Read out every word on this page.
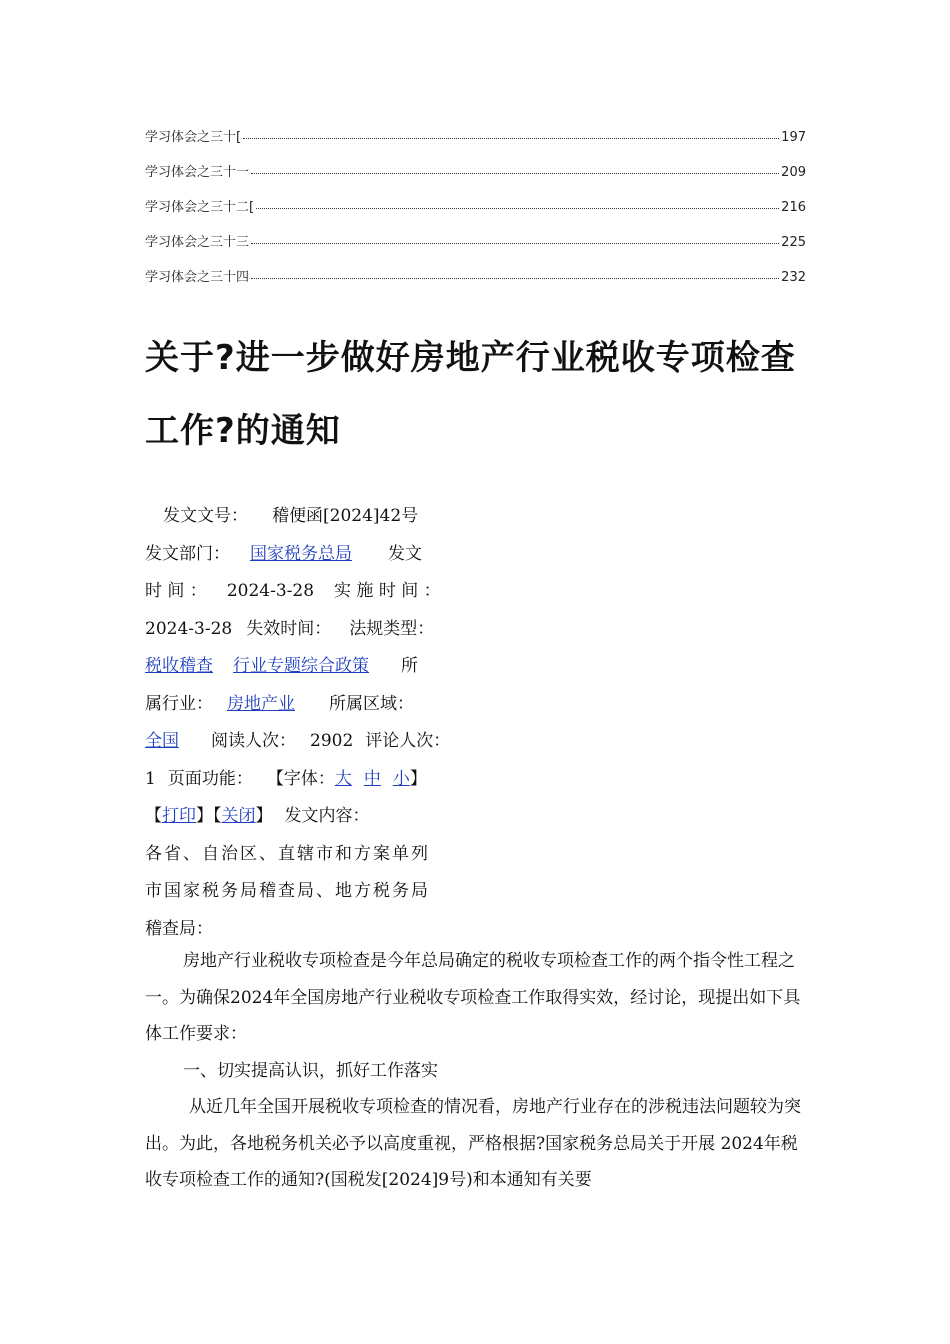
学习体会之三十[	197
学习体会之三十一	209
学习体会之三十二[	216
学习体会之三十三	225
学习体会之三十四	232
关于?进一步做好房地产行业税收专项检查
工作?的通知
发文文号： 稽便函[2024]42号
发文部门： 国家税务总局 发文
时 间 ： 2024-3-28 实 施 时 间 ：
2024-3-28 失效时间： 法规类型：
税收稽查 行业专题综合政策 所
属行业： 房地产业 所属区域：
全国 阅读人次： 2902 评论人次：
1 页面功能： 【字体：大 中 小】
【打印】【关闭】 发文内容：
各省、自治区、直辖市和方案单列
市国家税务局稽查局、地方税务局
稽查局：

房地产行业税收专项检查是今年总局确定的税收专项检查工作的两个指令性工程之一。为确保2024年全国房地产行业税收专项检查工作取得实效，经讨论，现提出如下具体工作要求：

一、切实提高认识，抓好工作落实

从近几年全国开展税收专项检查的情况看，房地产行业存在的涉税违法问题较为突出。为此，各地税务机关必予以高度重视，严格根据?国家税务总局关于开展 2024年税收专项检查工作的通知?(国税发[2024]9号)和本通知有关要
